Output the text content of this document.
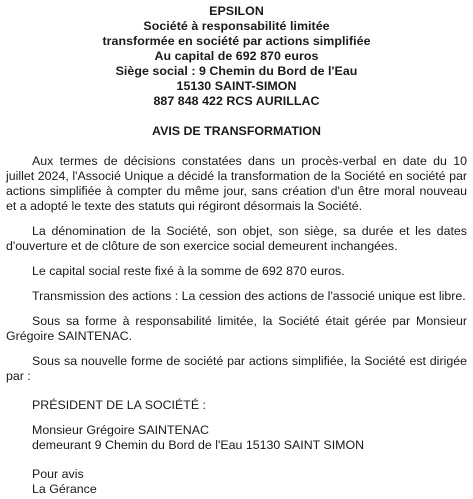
EPSILON
Société à responsabilité limitée
transformée en société par actions simplifiée
Au capital de 692 870 euros
Siège social : 9 Chemin du Bord de l'Eau
15130 SAINT-SIMON
887 848 422 RCS AURILLAC
AVIS DE TRANSFORMATION

Aux termes de décisions constatées dans un procès-verbal en date du 10 juillet 2024, l'Associé Unique a décidé la transformation de la Société en société par actions simplifiée à compter du même jour, sans création d'un être moral nouveau et a adopté le texte des statuts qui régiront désormais la Société.

La dénomination de la Société, son objet, son siège, sa durée et les dates d'ouverture et de clôture de son exercice social demeurent inchangées.

Le capital social reste fixé à la somme de 692 870 euros.

Transmission des actions : La cession des actions de l'associé unique est libre.

Sous sa forme à responsabilité limitée, la Société était gérée par Monsieur Grégoire SAINTENAC.

Sous sa nouvelle forme de société par actions simplifiée, la Société est dirigée par :

PRÉSIDENT DE LA SOCIÉTÉ :
Monsieur Grégoire SAINTENAC
demeurant 9 Chemin du Bord de l'Eau 15130 SAINT SIMON
Pour avis
La Gérance
